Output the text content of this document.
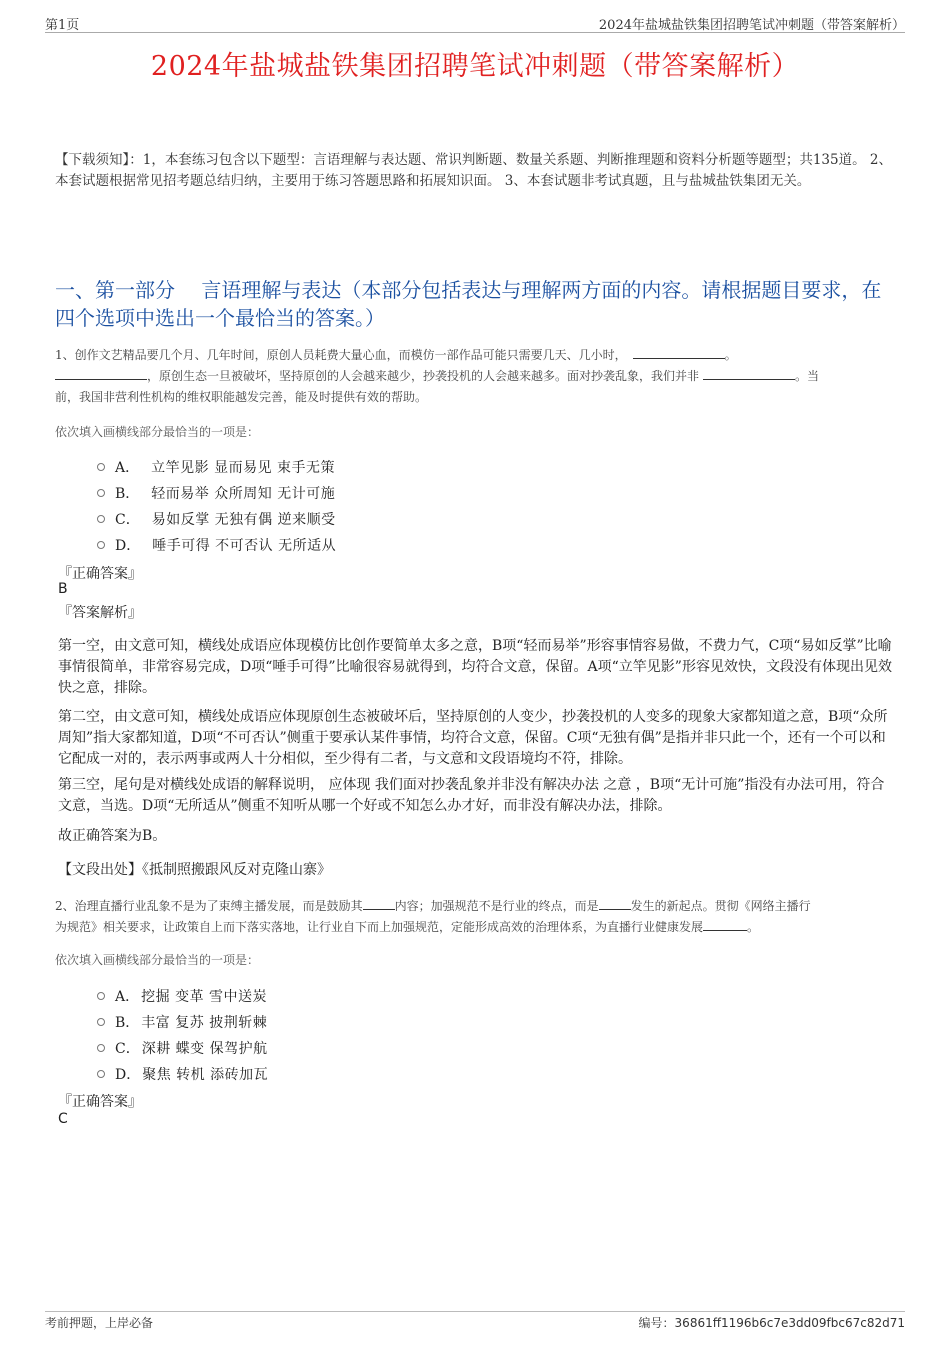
第1页	2024年盐城盐铁集团招聘笔试冲刺题（带答案解析）
2024年盐城盐铁集团招聘笔试冲刺题（带答案解析）
【下载须知】：1，本套练习包含以下题型：言语理解与表达题、常识判断题、数量关系题、判断推理题和资料分析题等题型；共135道。 2、本套试题根据常见招考题总结归纳，主要用于练习答题思路和拓展知识面。 3、本套试题非考试真题，且与盐城盐铁集团无关。
一、第一部分　 言语理解与表达（本部分包括表达与理解两方面的内容。请根据题目要求，在四个选项中选出一个最恰当的答案。）
1、创作文艺精品要几个月、几年时间，原创人员耗费大量心血，而模仿一部作品可能只需要几天、几小时，	。
，原创生态一旦被破坏，坚持原创的人会越来越少，抄袭投机的人会越来越多。面对抄袭乱象，我们并非	。当
前，我国非营利性机构的维权职能越发完善，能及时提供有效的帮助。
依次填入画横线部分最恰当的一项是：
A． 立竿见影 显而易见 束手无策
B． 轻而易举 众所周知 无计可施
C． 易如反掌 无独有偶 逆来顺受
D． 唾手可得 不可否认 无所适从
『正确答案』
B
『答案解析』
第一空，由文意可知，横线处成语应体现模仿比创作要简单太多之意，B项“轻而易举”形容事情容易做，不费力气，C项“易如反掌”比喻事情很简单，非常容易完成，D项“唾手可得”比喻很容易就得到，均符合文意，保留。A项“立竿见影”形容见效快，文段没有体现出见效快之意，排除。
第二空，由文意可知，横线处成语应体现原创生态被破坏后，坚持原创的人变少，抄袭投机的人变多的现象大家都知道之意，B项“众所周知”指大家都知道，D项“不可否认”侧重于要承认某件事情，均符合文意，保留。C项“无独有偶”是指并非只此一个，还有一个可以和它配成一对的，表示两事或两人十分相似，至少得有二者，与文意和文段语境均不符，排除。
第三空，尾句是对横线处成语的解释说明， 应体现 我们面对抄袭乱象并非没有解决办法 之意 ，B项“无计可施”指没有办法可用，符合文意，当选。D项“无所适从”侧重不知听从哪一个好或不知怎么办才好，而非没有解决办法，排除。
故正确答案为B。
【文段出处】《抵制照搬跟风反对克隆山寨》
2、治理直播行业乱象不是为了束缚主播发展，而是鼓励其	内容；加强规范不是行业的终点，而是	发生的新起点。贯彻《网络主播行
为规范》相关要求，让政策自上而下落实落地，让行业自下而上加强规范，定能形成高效的治理体系，为直播行业健康发展	。
依次填入画横线部分最恰当的一项是：
A． 挖掘 变革 雪中送炭
B． 丰富 复苏 披荆斩棘
C． 深耕 蝶变 保驾护航
D． 聚焦 转机 添砖加瓦
『正确答案』
C
考前押题，上岸必备	编号：36861ff1196b6c7e3dd09fbc67c82d71
